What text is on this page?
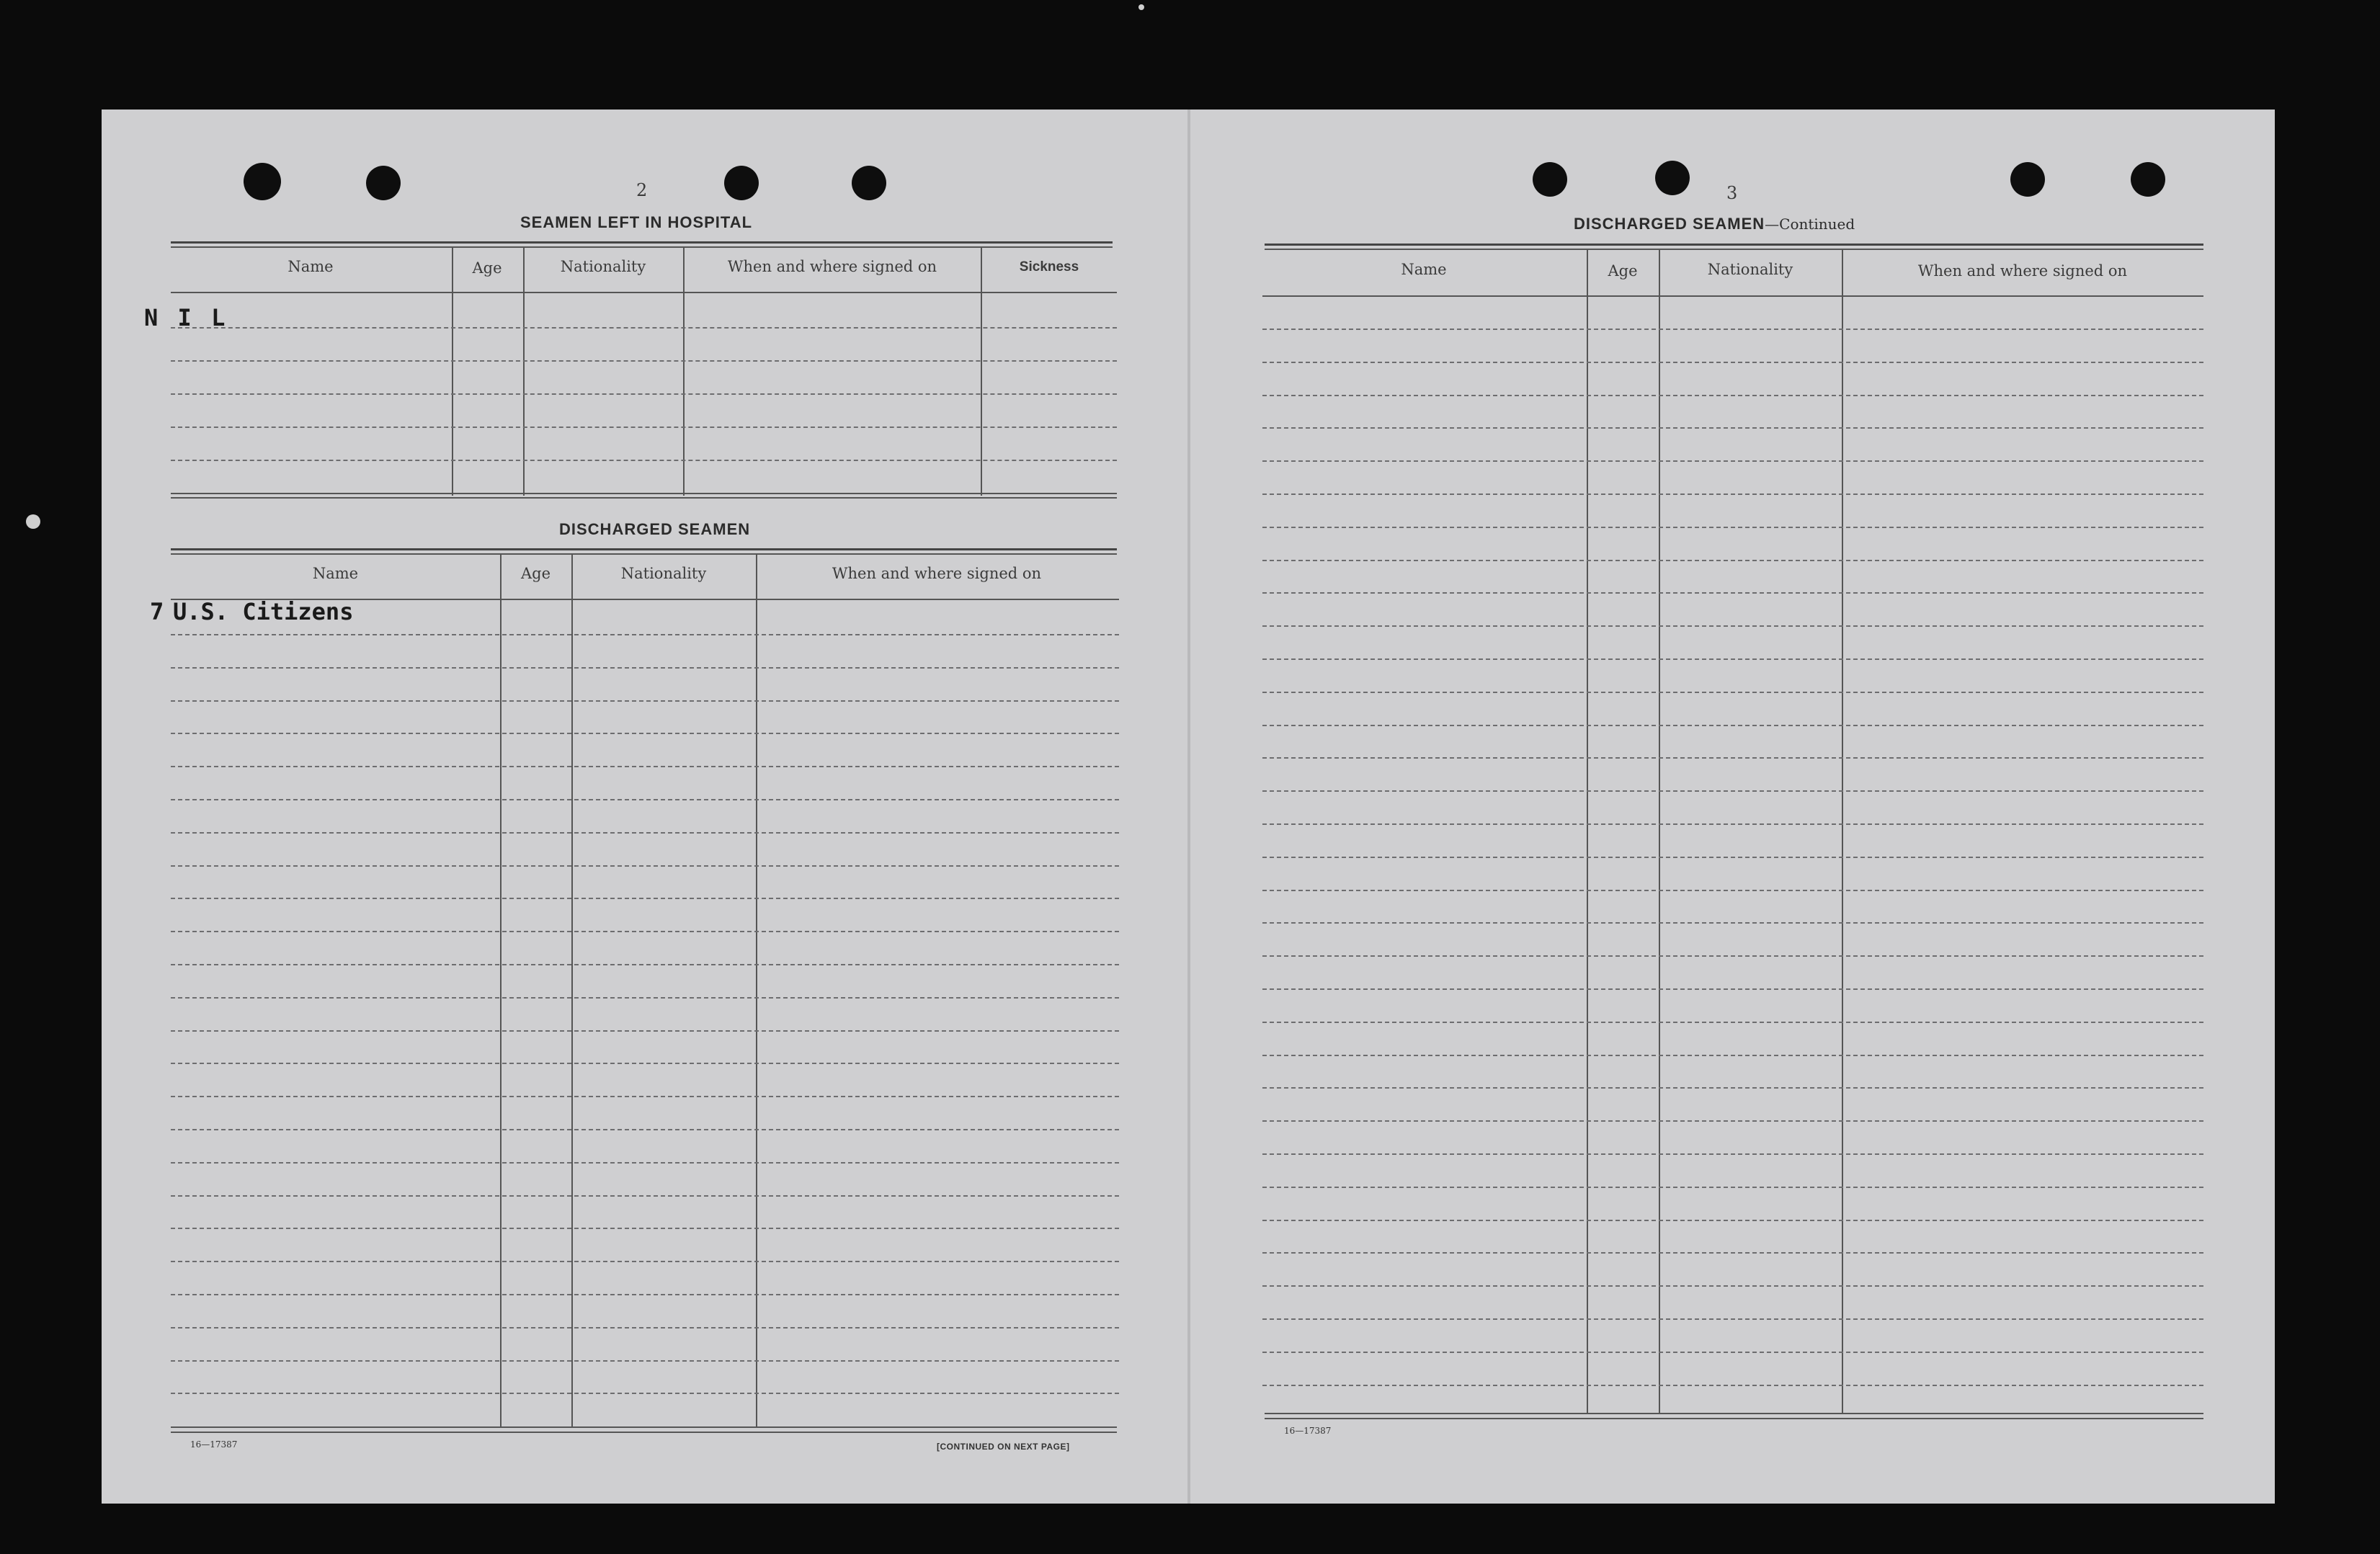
2
SEAMEN LEFT IN HOSPITAL
Name	Age	Nationality	When and where signed on	Sickness
N I L
DISCHARGED SEAMEN
Name	Age	Nationality	When and where signed on
7 U.S. Citizens
16—17387	[CONTINUED ON NEXT PAGE]
3
DISCHARGED SEAMEN—Continued
Name	Age	Nationality	When and where signed on
16—17387
